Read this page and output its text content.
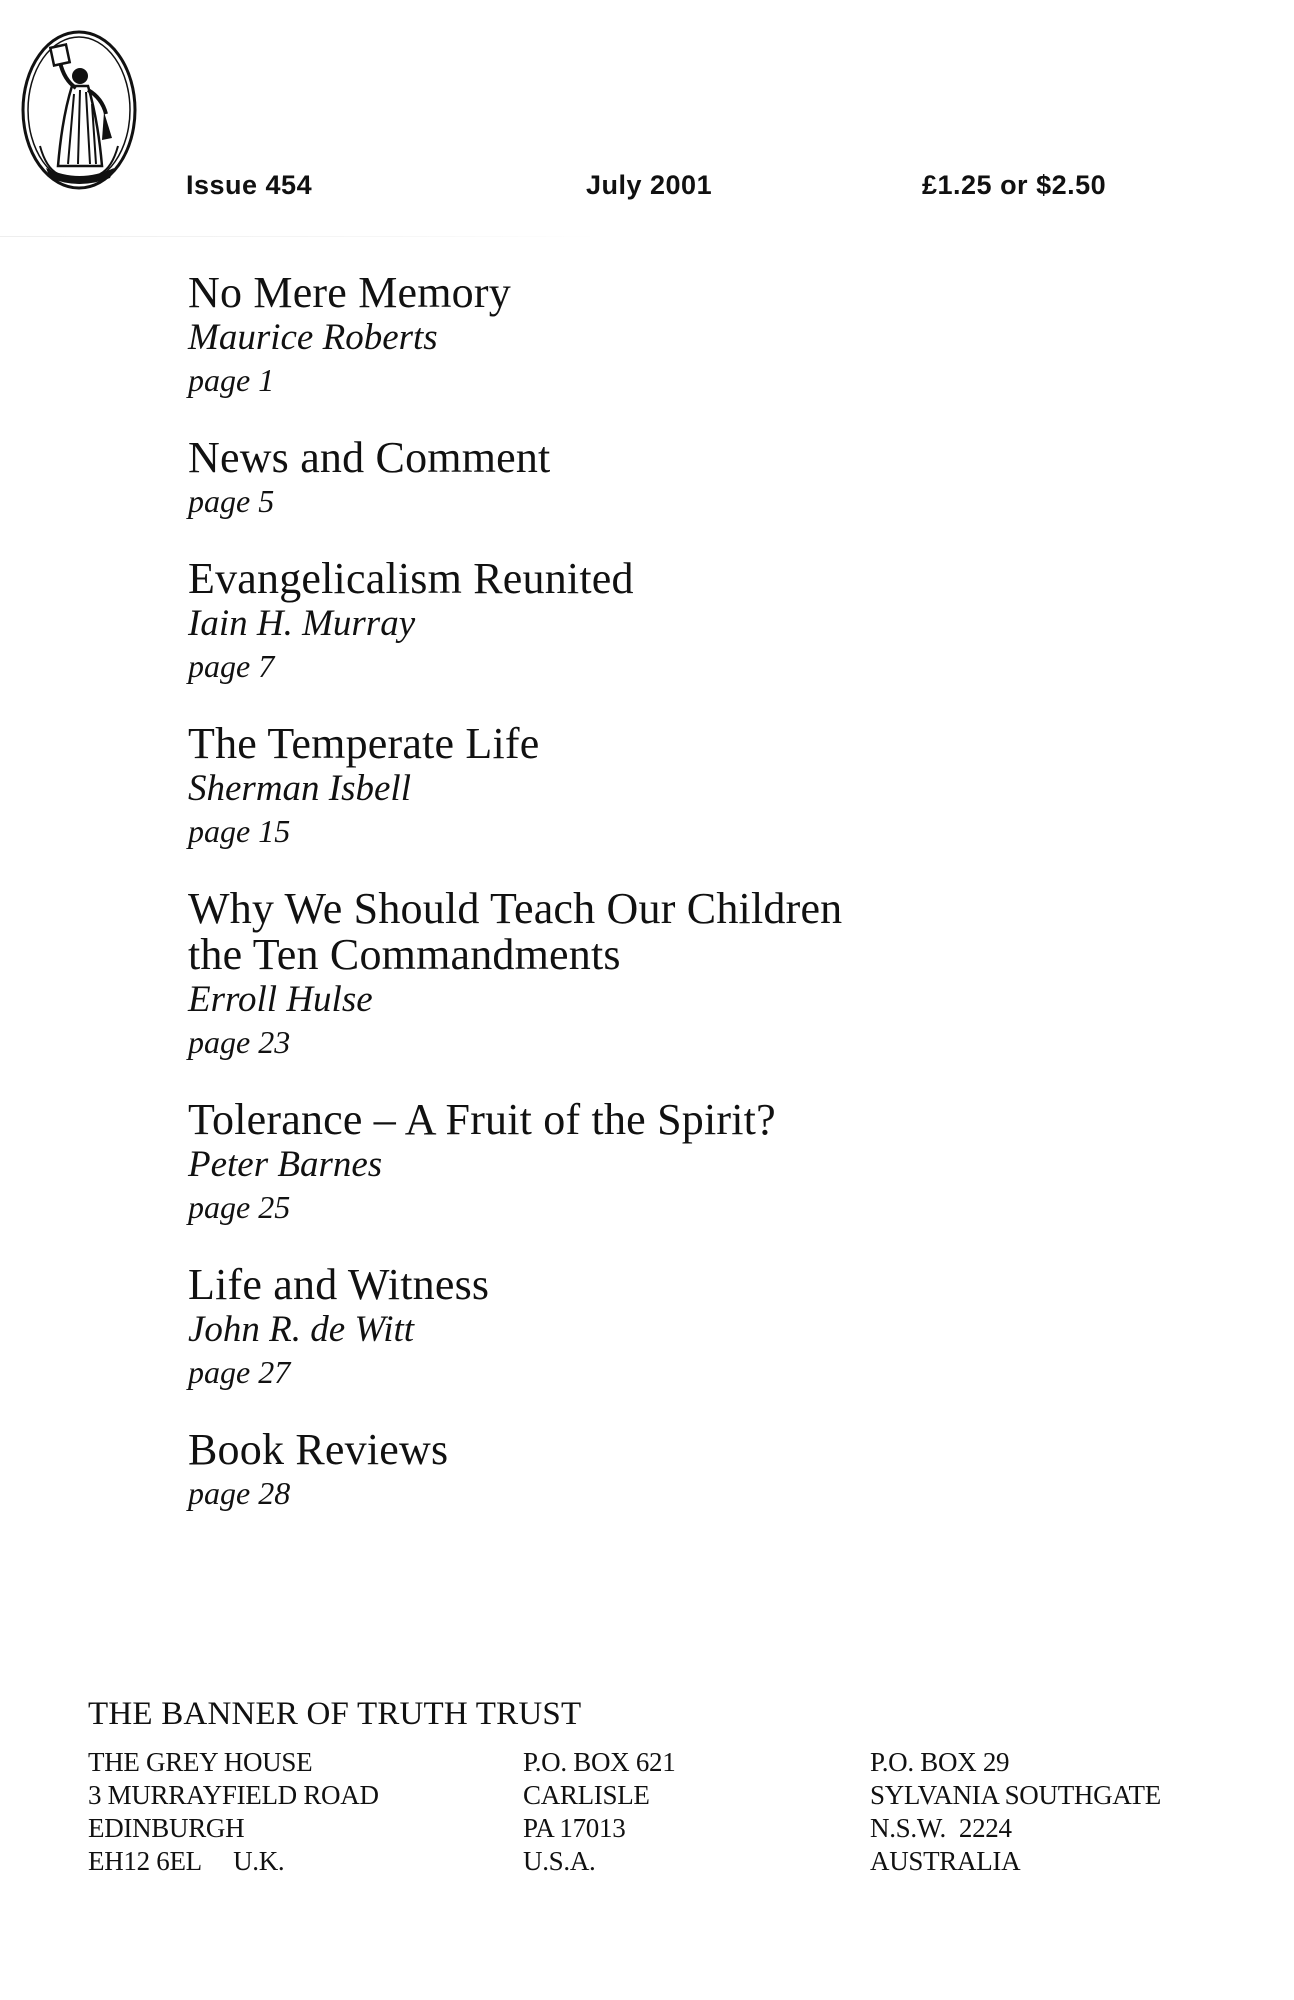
Issue 454	July 2001	£1.25 or $2.50
No Mere Memory
Maurice Roberts
page 1
News and Comment
page 5
Evangelicalism Reunited
Iain H. Murray
page 7
The Temperate Life
Sherman Isbell
page 15
Why We Should Teach Our Children
the Ten Commandments
Erroll Hulse
page 23
Tolerance – A Fruit of the Spirit?
Peter Barnes
page 25
Life and Witness
John R. de Witt
page 27
Book Reviews
page 28
THE BANNER OF TRUTH TRUST
THE GREY HOUSE
3 MURRAYFIELD ROAD
EDINBURGH
EH12 6EL     U.K.
P.O. BOX 621
CARLISLE
PA 17013
U.S.A.
P.O. BOX 29
SYLVANIA SOUTHGATE
N.S.W.  2224
AUSTRALIA
